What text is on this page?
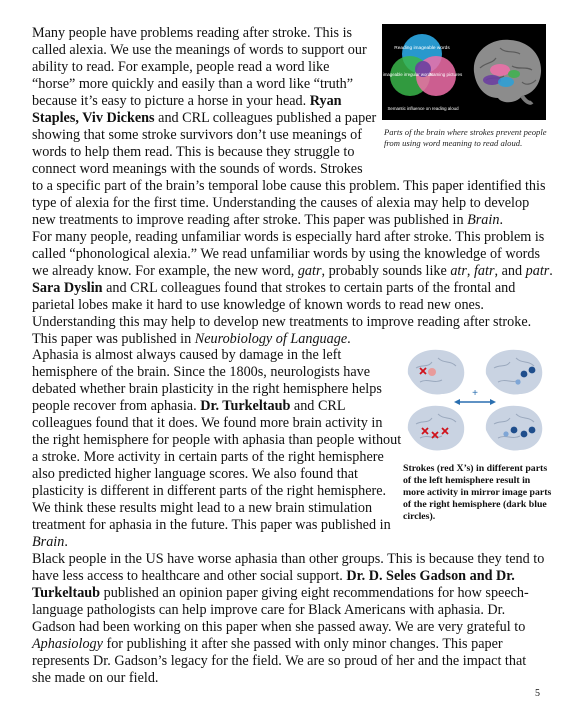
Many people have problems reading after stroke. This is
called alexia. We use the meanings of words to support our
ability to read. For example, people read a word like
“horse” more quickly and easily than a word like “truth”
because it’s easy to picture a horse in your head. Ryan
Staples, Viv Dickens and CRL colleagues published a paper
showing that some stroke survivors don’t use meanings of
words to help them read. This is because they struggle to
connect word meanings with the sounds of words. Strokes
to a specific part of the brain’s temporal lobe cause this problem. This paper identified this
type of alexia for the first time. Understanding the causes of alexia may help to develop
new treatments to improve reading after stroke. This paper was published in Brain.
For many people, reading unfamiliar words is especially hard after stroke. This problem is
called “phonological alexia.” We read unfamiliar words by using the knowledge of words
we already know. For example, the new word, gatr, probably sounds like atr, fatr, and patr.
Sara Dyslin and CRL colleagues found that strokes to certain parts of the frontal and
parietal lobes make it hard to use knowledge of known words to read new ones.
Understanding this may help to develop new treatments to improve reading after stroke.
This paper was published in Neurobiology of Language.
Aphasia is almost always caused by damage in the left
hemisphere of the brain. Since the 1800s, neurologists have
debated whether brain plasticity in the right hemisphere helps
people recover from aphasia. Dr. Turkeltaub and CRL
colleagues found that it does. We found more brain activity in
the right hemisphere for people with aphasia than people without
a stroke. More activity in certain parts of the right hemisphere
also predicted higher language scores. We also found that
plasticity is different in different parts of the right hemisphere.
We think these results might lead to a new brain stimulation
treatment for aphasia in the future. This paper was published in
Brain.
Black people in the US have worse aphasia than other groups. This is because they tend to
have less access to healthcare and other social support. Dr. D. Seles Gadson and Dr.
Turkeltaub published an opinion paper giving eight recommendations for how speech-
language pathologists can help improve care for Black Americans with aphasia. Dr.
Gadson had been working on this paper when she passed away. We are very grateful to
Aphasiology for publishing it after she passed with only minor changes. This paper
represents Dr. Gadson’s legacy for the field. We are so proud of her and the impact that
she made on our field.
Reading imageable words
Reading imageable irregular words
Naming pictures
Semantic influence on reading aloud
Parts of the brain where strokes prevent people from using word meaning to read aloud.
+
Strokes (red X’s) in different parts of the left hemisphere result in more activity in mirror image parts of the right hemisphere (dark blue circles).
5
